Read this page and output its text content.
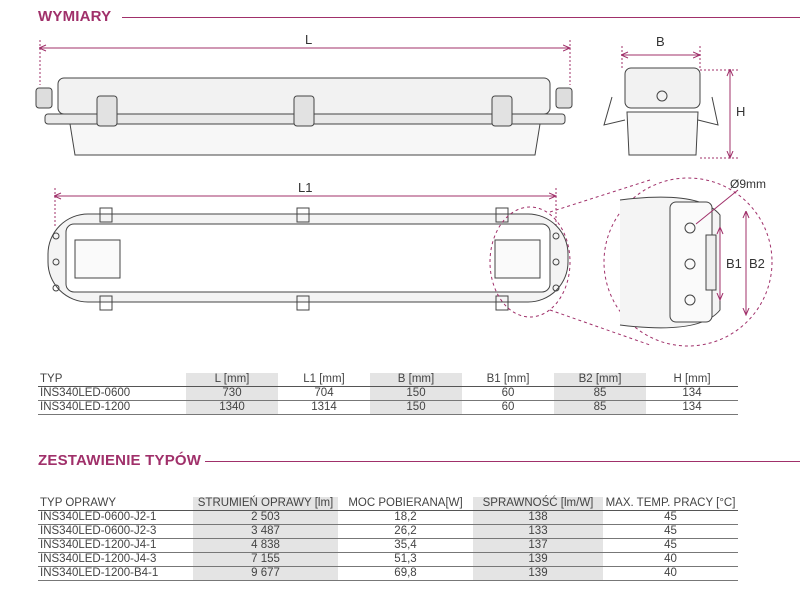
WYMIARY
L	B
H
L1
B1 B2
Ø9mm
TYP	L [mm]	L1 [mm]	B [mm]	B1 [mm]	B2 [mm]	H [mm]
INS340LED-0600	730	704	150	60	85	134
INS340LED-1200	1340	1314	150	60	85	134
ZESTAWIENIE TYPÓW
TYP OPRAWY	STRUMIEŃ OPRAWY [lm]	MOC POBIERANA[W]	SPRAWNOŚĆ [lm/W]	MAX. TEMP. PRACY [°C]
INS340LED-0600-J2-1	2 503	18,2	138	45
INS340LED-0600-J2-3	3 487	26,2	133	45
INS340LED-1200-J4-1	4 838	35,4	137	45
INS340LED-1200-J4-3	7 155	51,3	139	40
INS340LED-1200-B4-1	9 677	69,8	139	40
